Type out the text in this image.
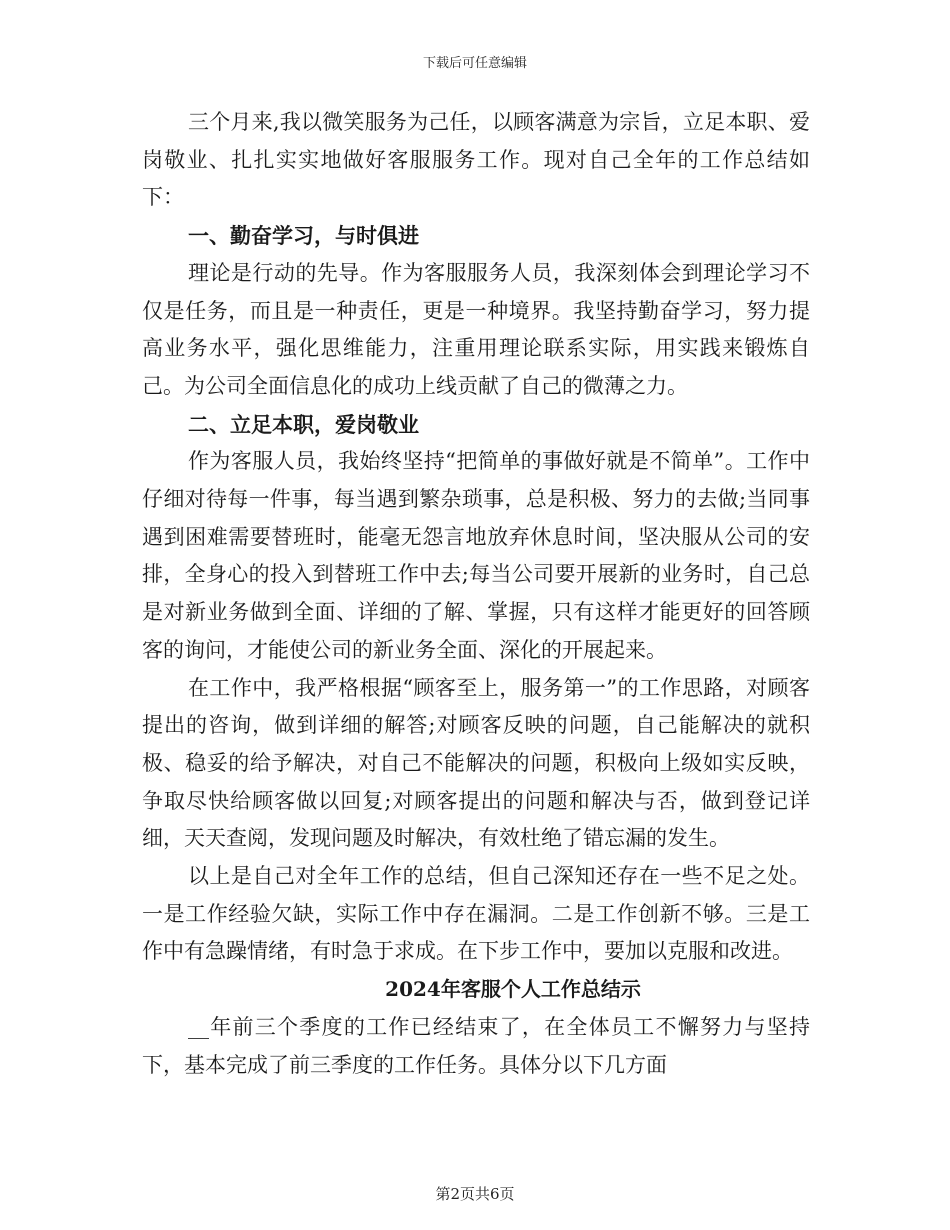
下载后可任意编辑

三个月来,我以微笑服务为己任，以顾客满意为宗旨，立足本职、爱岗敬业、扎扎实实地做好客服服务工作。现对自己全年的工作总结如下：

一、勤奋学习，与时俱进

理论是行动的先导。作为客服服务人员，我深刻体会到理论学习不仅是任务，而且是一种责任，更是一种境界。我坚持勤奋学习，努力提高业务水平，强化思维能力，注重用理论联系实际，用实践来锻炼自己。为公司全面信息化的成功上线贡献了自己的微薄之力。

二、立足本职，爱岗敬业

作为客服人员，我始终坚持“把简单的事做好就是不简单”。工作中仔细对待每一件事，每当遇到繁杂琐事，总是积极、努力的去做;当同事遇到困难需要替班时，能毫无怨言地放弃休息时间，坚决服从公司的安排，全身心的投入到替班工作中去;每当公司要开展新的业务时，自己总是对新业务做到全面、详细的了解、掌握，只有这样才能更好的回答顾客的询问，才能使公司的新业务全面、深化的开展起来。

在工作中，我严格根据“顾客至上，服务第一”的工作思路，对顾客提出的咨询，做到详细的解答;对顾客反映的问题，自己能解决的就积极、稳妥的给予解决，对自己不能解决的问题，积极向上级如实反映，争取尽快给顾客做以回复;对顾客提出的问题和解决与否，做到登记详细，天天查阅，发现问题及时解决，有效杜绝了错忘漏的发生。

以上是自己对全年工作的总结，但自己深知还存在一些不足之处。一是工作经验欠缺，实际工作中存在漏洞。二是工作创新不够。三是工作中有急躁情绪，有时急于求成。在下步工作中，要加以克服和改进。

2024年客服个人工作总结示

__年前三个季度的工作已经结束了，在全体员工不懈努力与坚持下，基本完成了前三季度的工作任务。具体分以下几方面

第2页共6页
